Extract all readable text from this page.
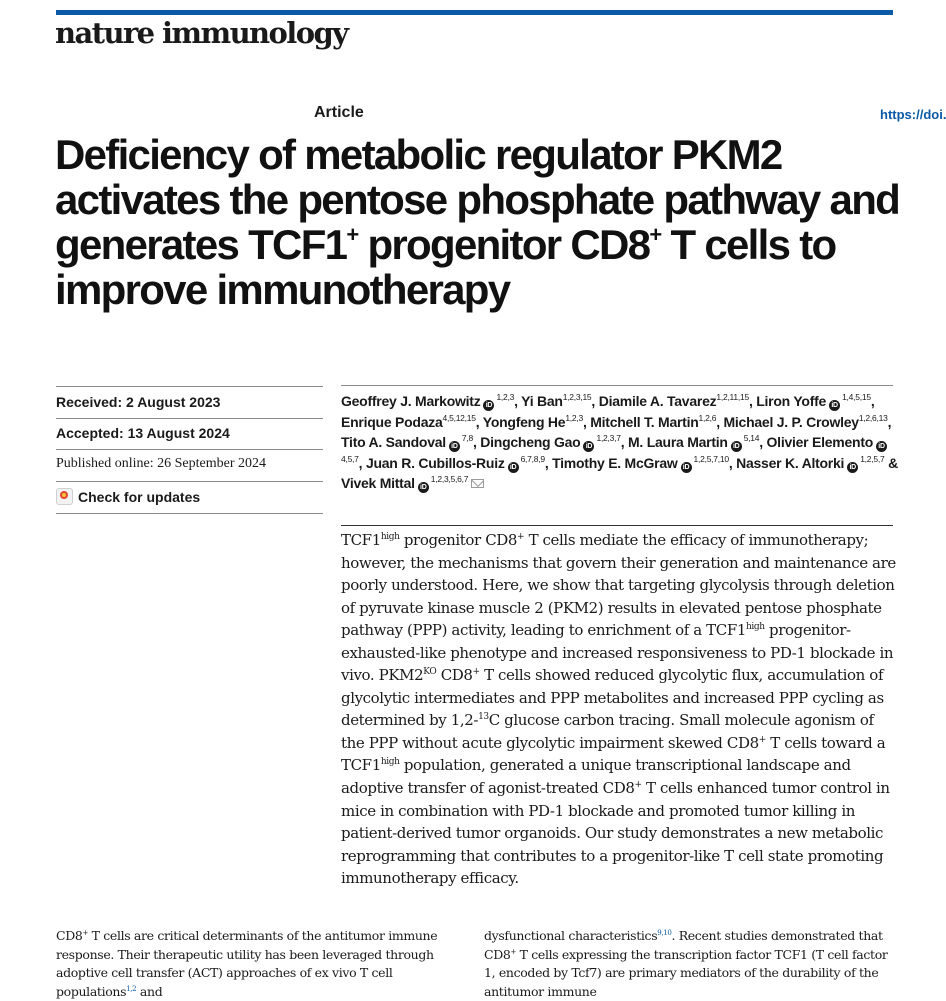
nature immunology
Article	https://doi.
Deficiency of metabolic regulator PKM2 activates the pentose phosphate pathway and generates TCF1+ progenitor CD8+ T cells to improve immunotherapy
Received: 2 August 2023
Accepted: 13 August 2024
Published online: 26 September 2024
Check for updates
Geoffrey J. Markowitz iD$^{1,2,3}$, Yi Ban$^{1,2,3,15}$, Diamile A. Tavarez$^{1,2,11,15}$, Liron Yoffe iD$^{1,4,5,15}$, Enrique Podaza$^{4,5,12,15}$, Yongfeng He$^{1,2,3}$, Mitchell T. Martin$^{1,2,6}$, Michael J. P. Crowley$^{1,2,6,13}$, Tito A. Sandoval iD$^{7,8}$, Dingcheng Gao iD$^{1,2,3,7}$, M. Laura Martin iD$^{5,14}$, Olivier Elemento iD$^{4,5,7}$, Juan R. Cubillos-Ruiz iD$^{6,7,8,9}$, Timothy E. McGraw iD$^{1,2,5,7,10}$, Nasser K. Altorki iD$^{1,2,5,7}$ & Vivek Mittal iD$^{1,2,3,5,6,7}$

$TCF1^{high}$ progenitor CD8+ T cells mediate the efficacy of immunotherapy; however, the mechanisms that govern their generation and maintenance are poorly understood. Here, we show that targeting glycolysis through deletion of pyruvate kinase muscle 2 (PKM2) results in elevated pentose phosphate pathway (PPP) activity, leading to enrichment of a $TCF1^{high}$ progenitor-exhausted-like phenotype and increased responsiveness to PD-1 blockade in vivo. $PKM2^{KO}$ CD8+ T cells showed reduced glycolytic flux, accumulation of glycolytic intermediates and PPP metabolites and increased PPP cycling as determined by 1,2-$^{13}$C glucose carbon tracing. Small molecule agonism of the PPP without acute glycolytic impairment skewed CD8+ T cells toward a $TCF1^{high}$ population, generated a unique transcriptional landscape and adoptive transfer of agonist-treated CD8+ T cells enhanced tumor control in mice in combination with PD-1 blockade and promoted tumor killing in patient-derived tumor organoids. Our study demonstrates a new metabolic reprogramming that contributes to a progenitor-like T cell state promoting immunotherapy efficacy.

CD8+ T cells are critical determinants of the antitumor immune response. Their therapeutic utility has been leveraged through adoptive cell transfer (ACT) approaches of ex vivo T cell populations$^{1,2}$ and

dysfunctional characteristics$^{9,10}$. Recent studies demonstrated that CD8+ T cells expressing the transcription factor TCF1 (T cell factor 1, encoded by Tcf7) are primary mediators of the durability of the antitumor immune
